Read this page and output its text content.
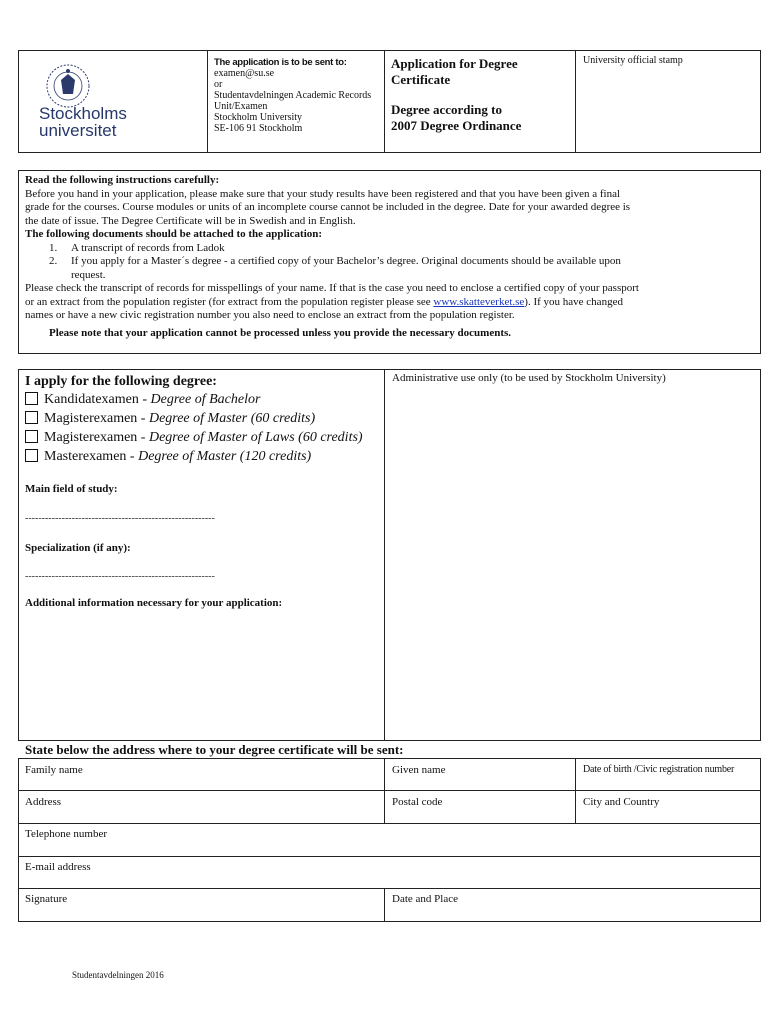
Stockholms
universitet
The application is to be sent to:
examen@su.se
or
Studentavdelningen Academic Records
Unit/Examen
Stockholm University
SE-106 91 Stockholm
Application for Degree
Certificate
Degree according to
2007 Degree Ordinance
University official stamp
Read the following instructions carefully:
Before you hand in your application, please make sure that your study results have been registered and that you have been given a final
grade for the courses. Course modules or units of an incomplete course cannot be included in the degree. Date for your awarded degree is
the date of issue. The Degree Certificate will be in Swedish and in English.
The following documents should be attached to the application:
1. A transcript of records from Ladok
2. If you apply for a Master´s degree - a certified copy of your Bachelor’s degree. Original documents should be available upon
request.
Please check the transcript of records for misspellings of your name. If that is the case you need to enclose a certified copy of your passport
or an extract from the population register (for extract from the population register please see www.skatteverket.se). If you have changed
names or have a new civic registration number you also need to enclose an extract from the population register.
Please note that your application cannot be processed unless you provide the necessary documents.
I apply for the following degree:
Kandidatexamen - Degree of Bachelor
Magisterexamen - Degree of Master (60 credits)
Magisterexamen - Degree of Master of Laws (60 credits)
Masterexamen - Degree of Master (120 credits)
Main field of study:
---------------------------------------------------------
Specialization (if any):
---------------------------------------------------------
Additional information necessary for your application:
Administrative use only (to be used by Stockholm University)
State below the address where to your degree certificate will be sent:
Family name	Given name	Date of birth /Civic registration number
Address	Postal code	City and Country
Telephone number
E-mail address
Signature	Date and Place
Studentavdelningen 2016
